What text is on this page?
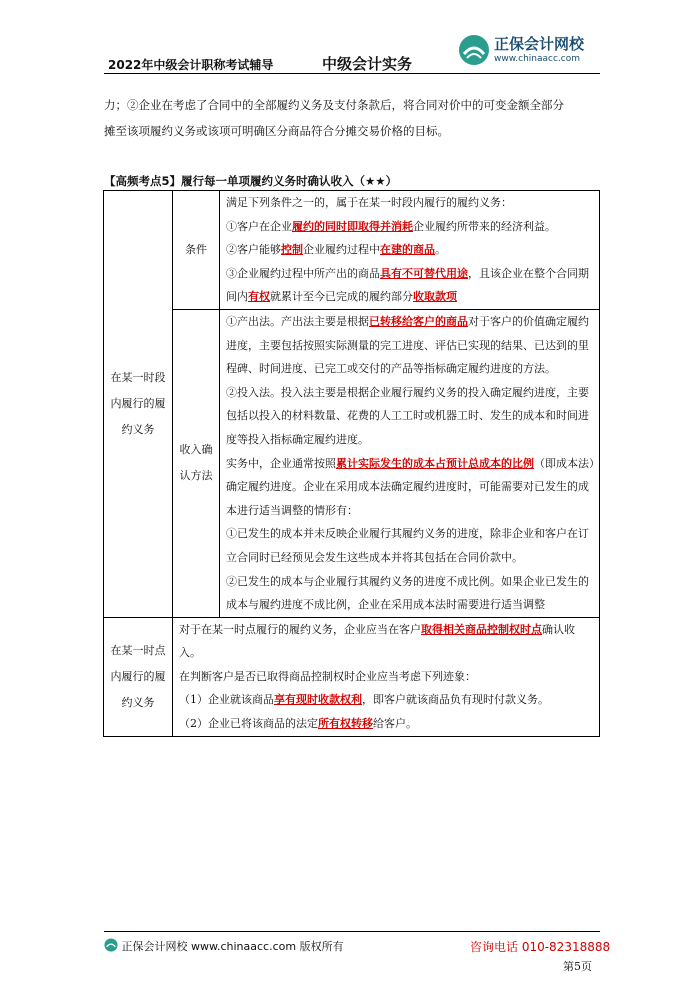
2022年中级会计职称考试辅导	中级会计实务
正保会计网校
www.chinaacc.com
力；②企业在考虑了合同中的全部履约义务及支付条款后，将合同对价中的可变金额全部分
摊至该项履约义务或该项可明确区分商品符合分摊交易价格的目标。
【高频考点5】履行每一单项履约义务时确认收入（★★）
在某一时段内履行的履约义务	条件	满足下列条件之一的，属于在某一时段内履行的履约义务：
①客户在企业履约的同时即取得并消耗企业履约所带来的经济利益。
②客户能够控制企业履约过程中在建的商品。
③企业履约过程中所产出的商品具有不可替代用途，且该企业在整个合同期间内有权就累计至今已完成的履约部分收取款项

	收入确认方法	①产出法。产出法主要是根据已转移给客户的商品对于客户的价值确定履约进度，主要包括按照实际测量的完工进度、评估已实现的结果、已达到的里程碑、时间进度、已完工或交付的产品等指标确定履约进度的方法。
②投入法。投入法主要是根据企业履行履约义务的投入确定履约进度，主要包括以投入的材料数量、花费的人工工时或机器工时、发生的成本和时间进度等投入指标确定履约进度。
实务中，企业通常按照累计实际发生的成本占预计总成本的比例（即成本法）确定履约进度。企业在采用成本法确定履约进度时，可能需要对已发生的成本进行适当调整的情形有：
①已发生的成本并未反映企业履行其履约义务的进度，除非企业和客户在订立合同时已经预见会发生这些成本并将其包括在合同价款中。
②已发生的成本与企业履行其履约义务的进度不成比例。如果企业已发生的成本与履约进度不成比例，企业在采用成本法时需要进行适当调整

在某一时点内履行的履约义务	对于在某一时点履行的履约义务，企业应当在客户取得相关商品控制权时点确认收入。
在判断客户是否已取得商品控制权时企业应当考虑下列迹象：
（1）企业就该商品享有现时收款权利，即客户就该商品负有现时付款义务。
（2）企业已将该商品的法定所有权转移给客户。	
正保会计网校 www.chinaacc.com 版权所有	咨询电话 010-82318888
第5页
